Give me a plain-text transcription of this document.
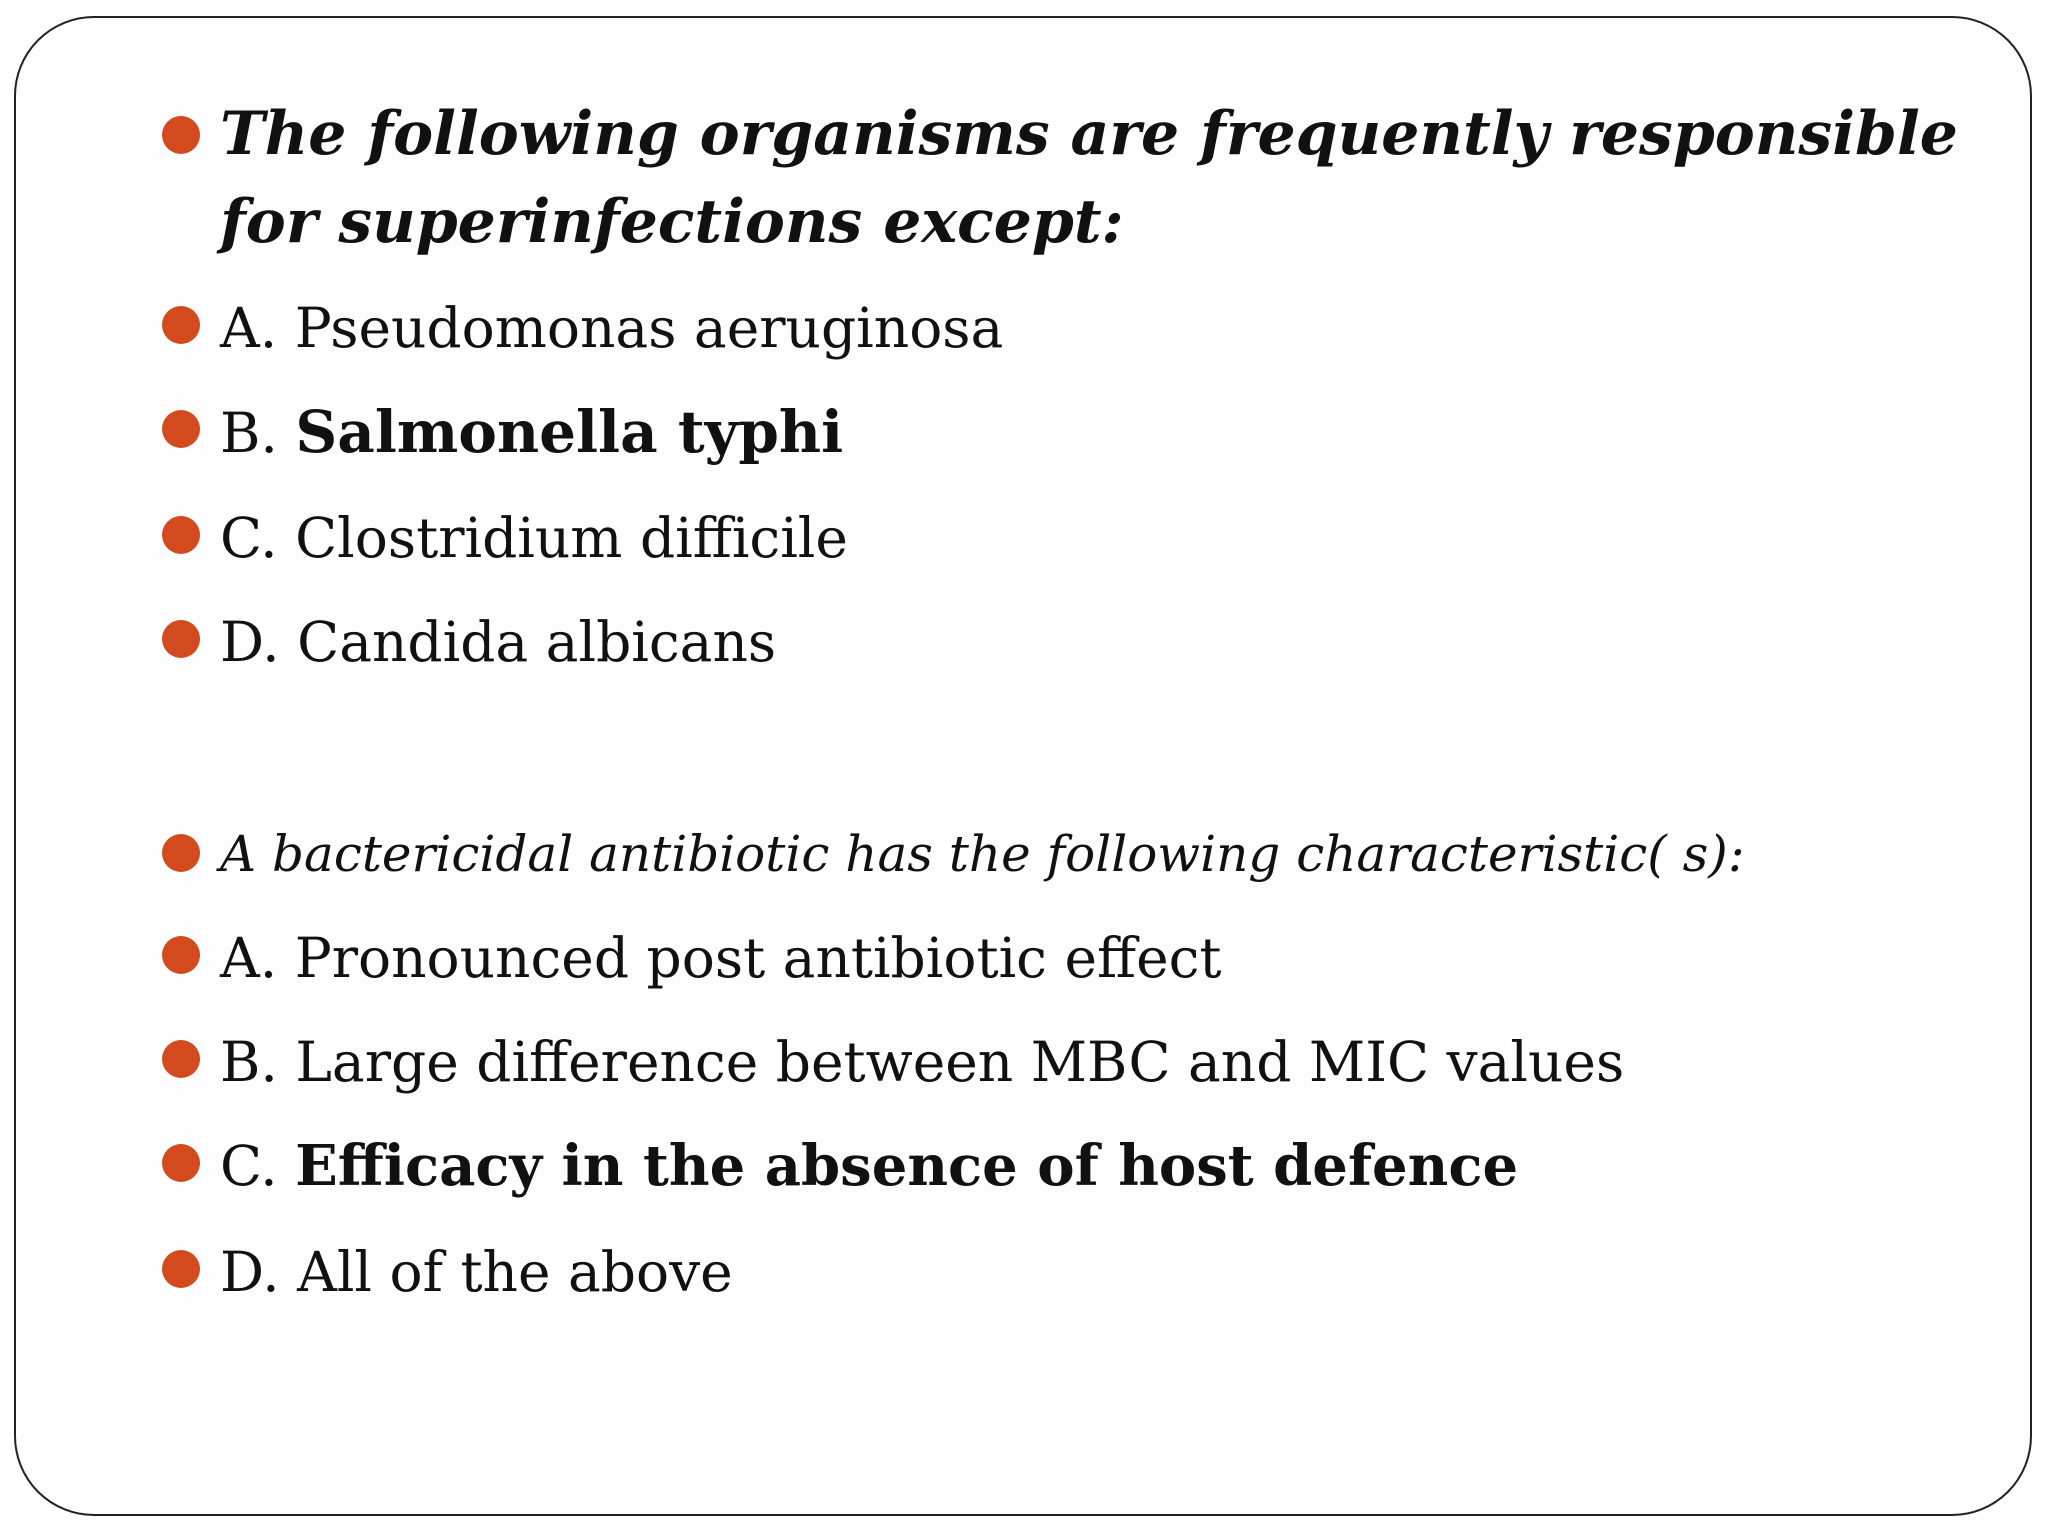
The following organisms are frequently responsible for superinfections except:
A. Pseudomonas aeruginosa
B. Salmonella typhi
C. Clostridium difficile
D. Candida albicans
A bactericidal antibiotic has the following characteristic( s):
A. Pronounced post antibiotic effect
B. Large difference between MBC and MIC values
C. Efficacy in the absence of host defence
D. All of the above
